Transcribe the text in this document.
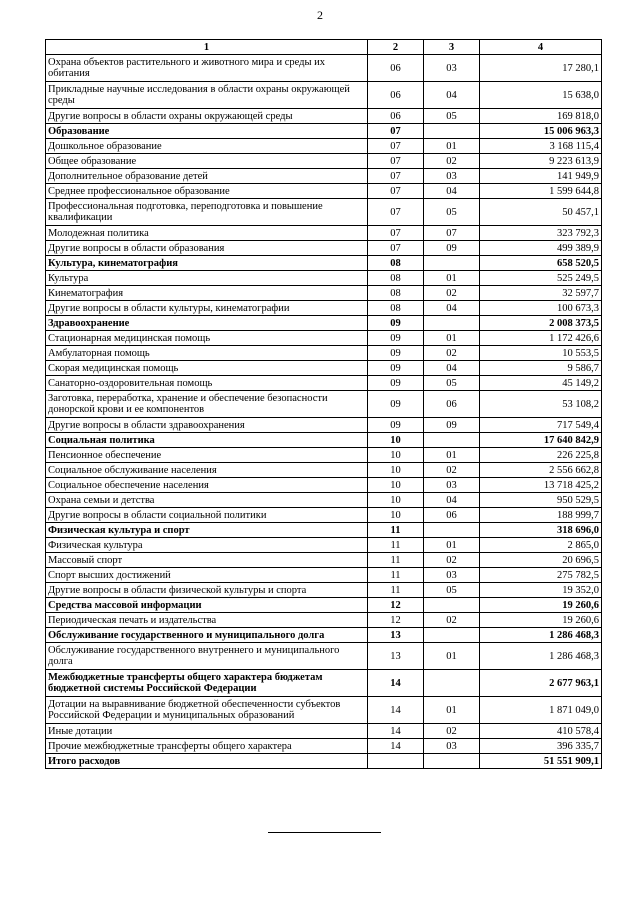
2
1	2	3	4
Охрана объектов растительного и животного мира и среды их обитания	06	03	17 280,1
Прикладные научные исследования в области охраны окружающей среды	06	04	15 638,0
Другие вопросы в области охраны окружающей среды	06	05	169 818,0
Образование	07		15 006 963,3
Дошкольное образование	07	01	3 168 115,4
Общее образование	07	02	9 223 613,9
Дополнительное образование детей	07	03	141 949,9
Среднее профессиональное образование	07	04	1 599 644,8
Профессиональная подготовка, переподготовка и повышение квалификации	07	05	50 457,1
Молодежная политика	07	07	323 792,3
Другие вопросы в области образования	07	09	499 389,9
Культура, кинематография	08		658 520,5
Культура	08	01	525 249,5
Кинематография	08	02	32 597,7
Другие вопросы в области культуры, кинематографии	08	04	100 673,3
Здравоохранение	09		2 008 373,5
Стационарная медицинская помощь	09	01	1 172 426,6
Амбулаторная помощь	09	02	10 553,5
Скорая медицинская помощь	09	04	9 586,7
Санаторно-оздоровительная помощь	09	05	45 149,2
Заготовка, переработка, хранение и обеспечение безопасности донорской крови и ее компонентов	09	06	53 108,2
Другие вопросы в области здравоохранения	09	09	717 549,4
Социальная политика	10		17 640 842,9
Пенсионное обеспечение	10	01	226 225,8
Социальное обслуживание населения	10	02	2 556 662,8
Социальное обеспечение населения	10	03	13 718 425,2
Охрана семьи и детства	10	04	950 529,5
Другие вопросы в области социальной политики	10	06	188 999,7
Физическая культура и спорт	11		318 696,0
Физическая культура	11	01	2 865,0
Массовый спорт	11	02	20 696,5
Спорт высших достижений	11	03	275 782,5
Другие вопросы в области физической культуры и спорта	11	05	19 352,0
Средства массовой информации	12		19 260,6
Периодическая печать и издательства	12	02	19 260,6
Обслуживание государственного и муниципального долга	13		1 286 468,3
Обслуживание государственного внутреннего и муниципального долга	13	01	1 286 468,3
Межбюджетные трансферты общего характера бюджетам бюджетной системы Российской Федерации	14		2 677 963,1
Дотации на выравнивание бюджетной обеспеченности субъектов Российской Федерации и муниципальных образований	14	01	1 871 049,0
Иные дотации	14	02	410 578,4
Прочие межбюджетные трансферты общего характера	14	03	396 335,7
Итого расходов			51 551 909,1
